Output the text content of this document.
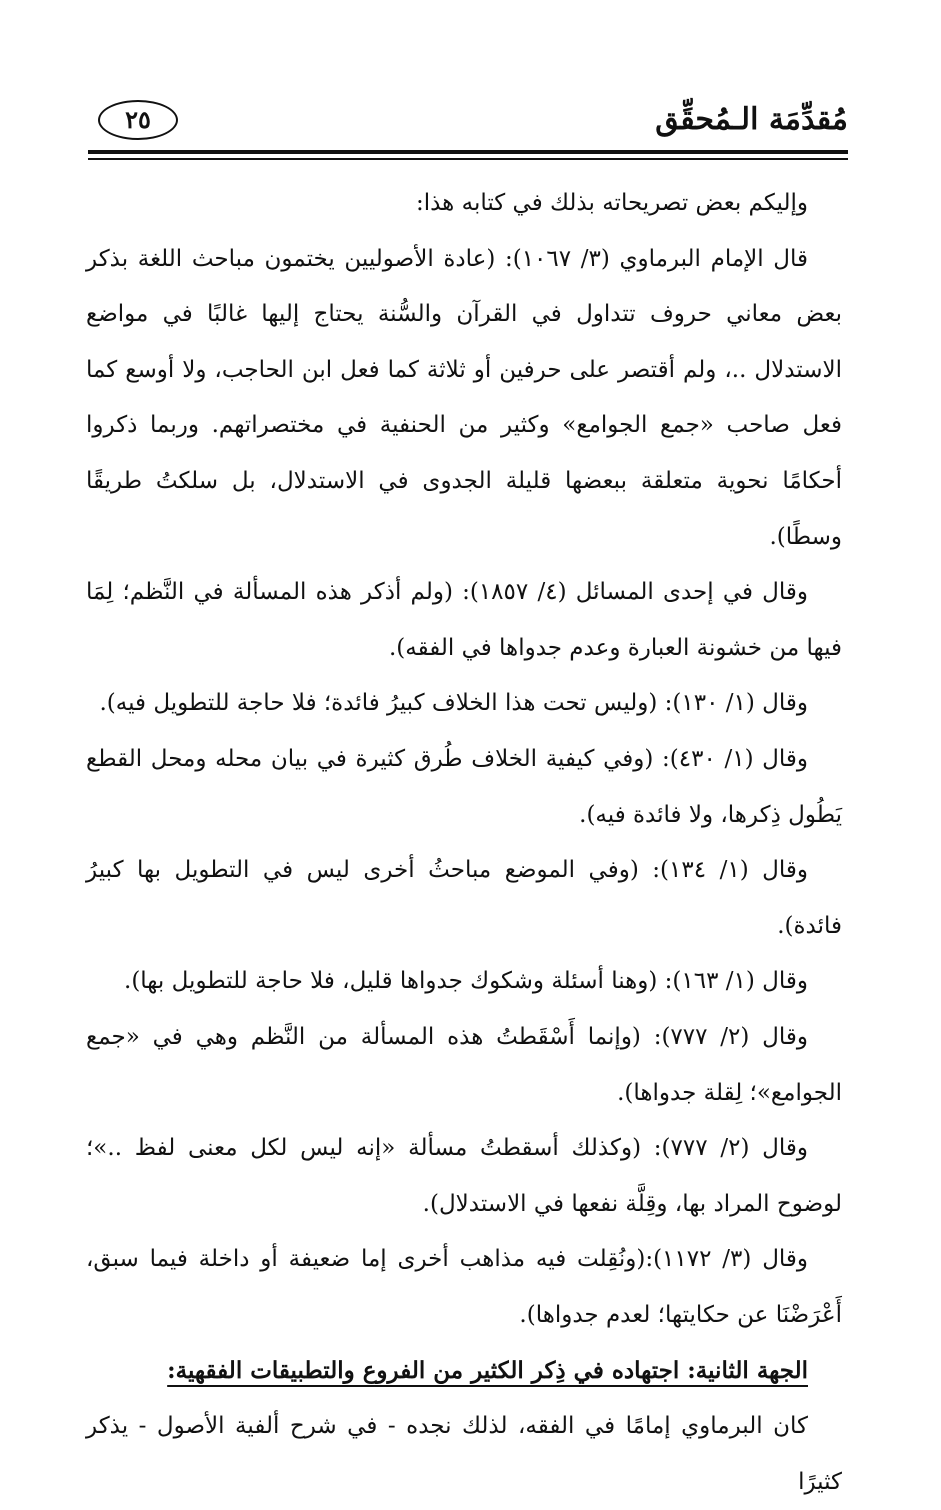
٢٥	مُقدِّمَة الـمُحقِّق

وإليكم بعض تصريحاته بذلك في كتابه هذا:

قال الإمام البرماوي (٣/ ١٠٦٧): (عادة الأصوليين يختمون مباحث اللغة بذكر بعض معاني حروف تتداول في القرآن والسُّنة يحتاج إليها غالبًا في مواضع الاستدلال ..، ولم أقتصر على حرفين أو ثلاثة كما فعل ابن الحاجب، ولا أوسع كما فعل صاحب «جمع الجوامع» وكثير من الحنفية في مختصراتهم. وربما ذكروا أحكامًا نحوية متعلقة ببعضها قليلة الجدوى في الاستدلال، بل سلكتُ طريقًا وسطًا).

وقال في إحدى المسائل (٤/ ١٨٥٧): (ولم أذكر هذه المسألة في النَّظم؛ لِمَا فيها من خشونة العبارة وعدم جدواها في الفقه).

وقال (١/ ١٣٠): (وليس تحت هذا الخلاف كبيرُ فائدة؛ فلا حاجة للتطويل فيه).

وقال (١/ ٤٣٠): (وفي كيفية الخلاف طُرق كثيرة في بيان محله ومحل القطع يَطُول ذِكرها، ولا فائدة فيه).

وقال (١/ ١٣٤): (وفي الموضع مباحثُ أخرى ليس في التطويل بها كبيرُ فائدة).

وقال (١/ ١٦٣): (وهنا أسئلة وشكوك جدواها قليل، فلا حاجة للتطويل بها).

وقال (٢/ ٧٧٧): (وإنما أَسْقَطتُ هذه المسألة من النَّظم وهي في «جمع الجوامع»؛ لِقلة جدواها).

وقال (٢/ ٧٧٧): (وكذلك أسقطتُ مسألة «إنه ليس لكل معنى لفظ ..»؛ لوضوح المراد بها، وقِلَّة نفعها في الاستدلال).

وقال (٣/ ١١٧٢):(ونُقِلت فيه مذاهب أخرى إما ضعيفة أو داخلة فيما سبق، أَعْرَضْنَا عن حكايتها؛ لعدم جدواها).

الجهة الثانية: اجتهاده في ذِكر الكثير من الفروع والتطبيقات الفقهية:

كان البرماوي إمامًا في الفقه، لذلك نجده - في شرح ألفية الأصول - يذكر كثيرًا
